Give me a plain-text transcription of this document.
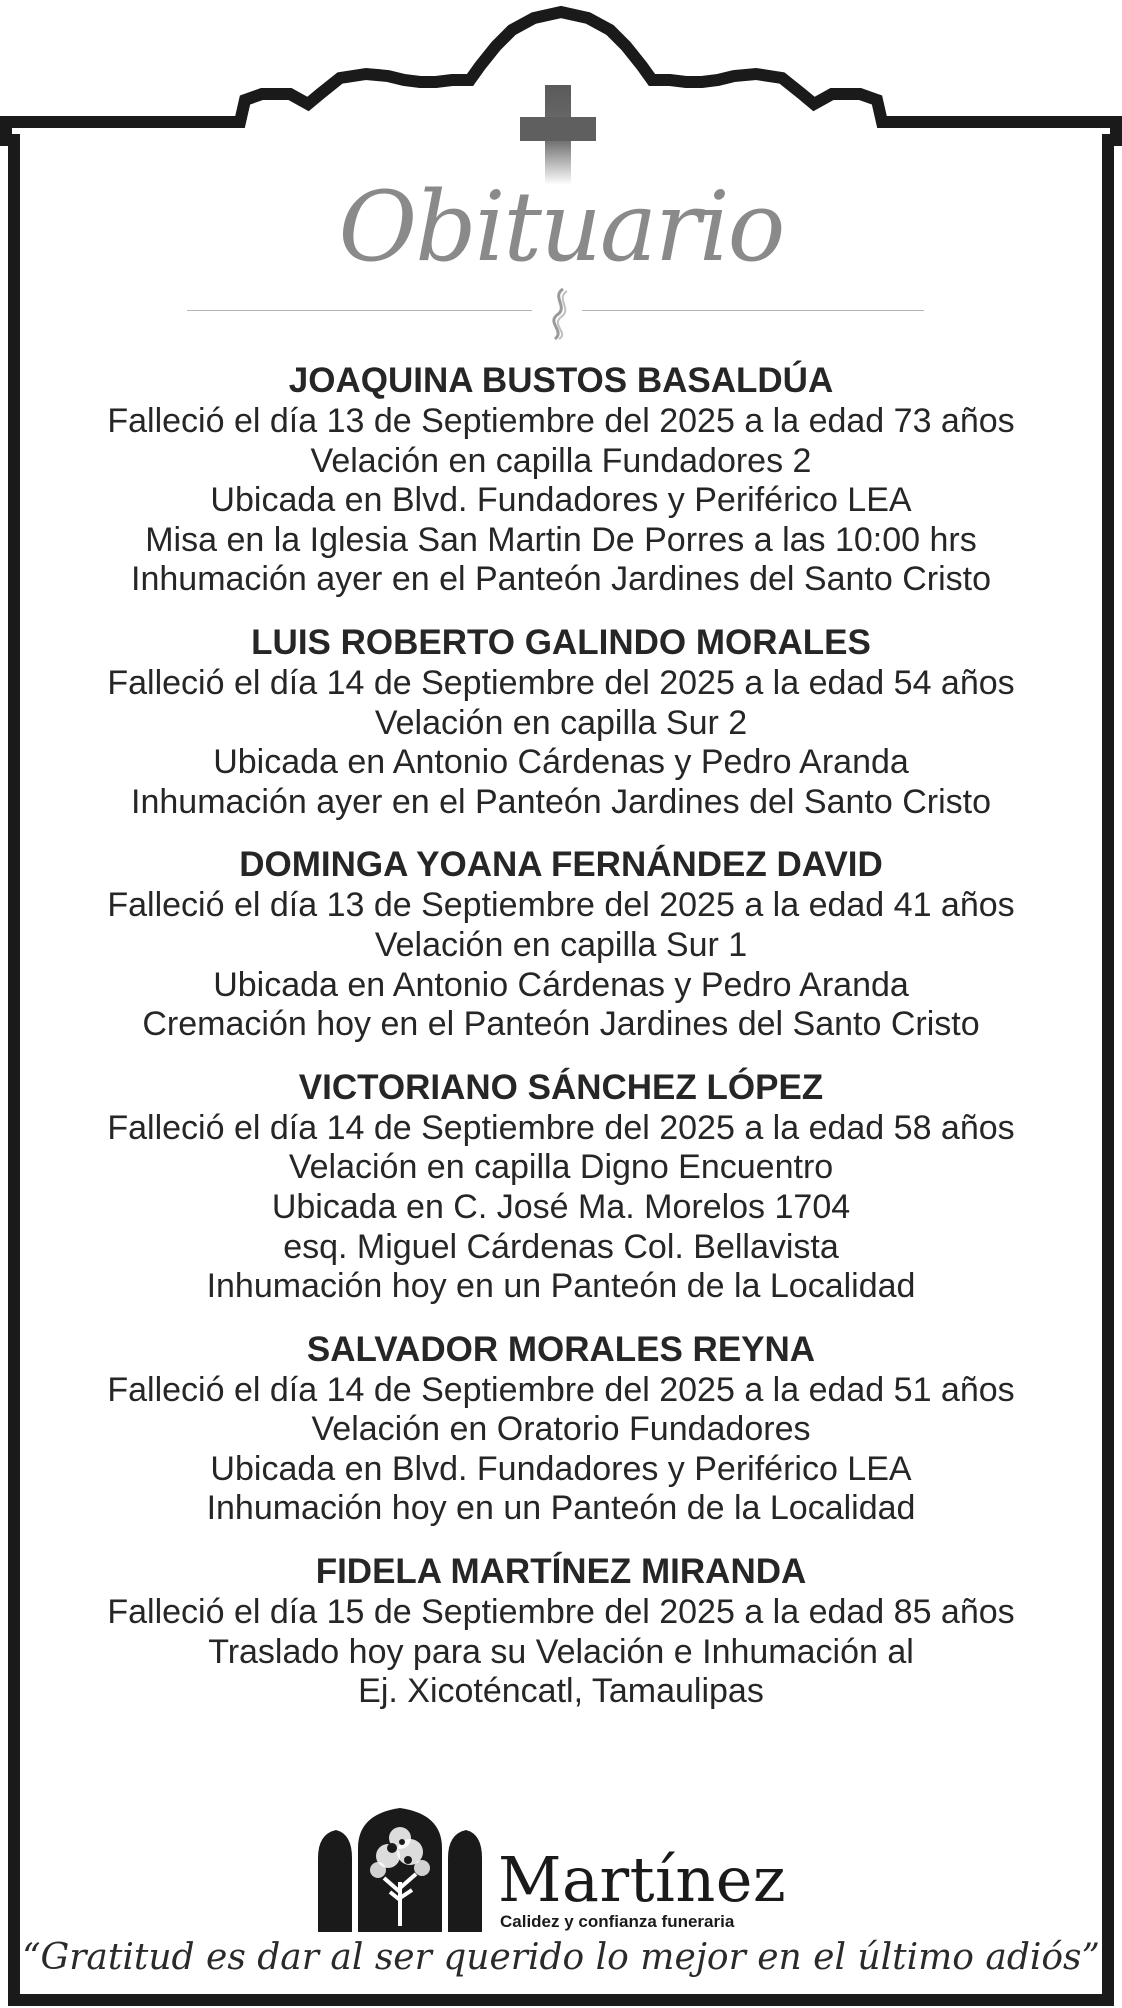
Obituario
JOAQUINA BUSTOS BASALDÚA
Falleció el día 13 de Septiembre del 2025 a la edad 73 años
Velación en capilla Fundadores 2
Ubicada en Blvd. Fundadores y Periférico LEA
Misa en la Iglesia San Martin De Porres a las 10:00 hrs
Inhumación ayer en el Panteón Jardines del Santo Cristo
LUIS ROBERTO GALINDO MORALES
Falleció el día 14 de Septiembre del 2025 a la edad 54 años
Velación en capilla Sur 2
Ubicada en Antonio Cárdenas y Pedro Aranda
Inhumación ayer en el Panteón Jardines del Santo Cristo
DOMINGA YOANA FERNÁNDEZ DAVID
Falleció el día 13 de Septiembre del 2025 a la edad 41 años
Velación en capilla Sur 1
Ubicada en Antonio Cárdenas y Pedro Aranda
Cremación hoy en el Panteón Jardines del Santo Cristo
VICTORIANO SÁNCHEZ LÓPEZ
Falleció el día 14 de Septiembre del 2025 a la edad 58 años
Velación en capilla Digno Encuentro
Ubicada en C. José Ma. Morelos 1704
esq. Miguel Cárdenas Col. Bellavista
Inhumación hoy en un Panteón de la Localidad
SALVADOR MORALES REYNA
Falleció el día 14 de Septiembre del 2025 a la edad 51 años
Velación en Oratorio Fundadores
Ubicada en Blvd. Fundadores y Periférico LEA
Inhumación hoy en un Panteón de la Localidad
FIDELA MARTÍNEZ MIRANDA
Falleció el día 15 de Septiembre del 2025 a la edad 85 años
Traslado hoy para su Velación e Inhumación al
Ej. Xicoténcatl, Tamaulipas
Martínez
Calidez y confianza funeraria
“Gratitud es dar al ser querido lo mejor en el último adiós”
